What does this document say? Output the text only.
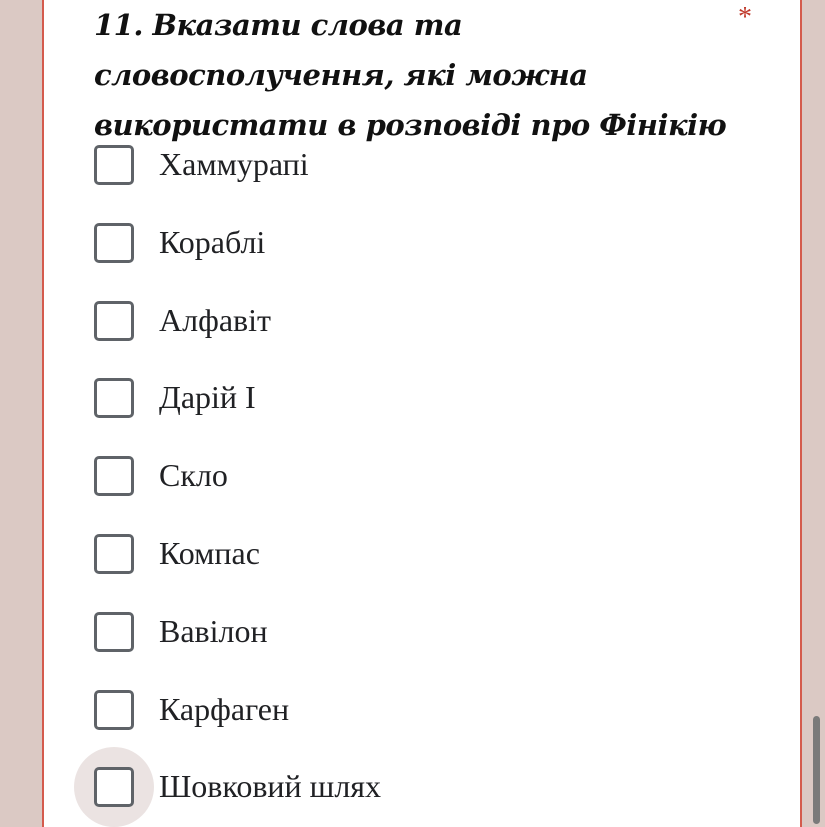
11. Вказати слова та словосполучення, які можна використати в розповіді про Фінікію
*
Хаммурапі
Кораблі
Алфавіт
Дарій I
Скло
Компас
Вавілон
Карфаген
Шовковий шлях
